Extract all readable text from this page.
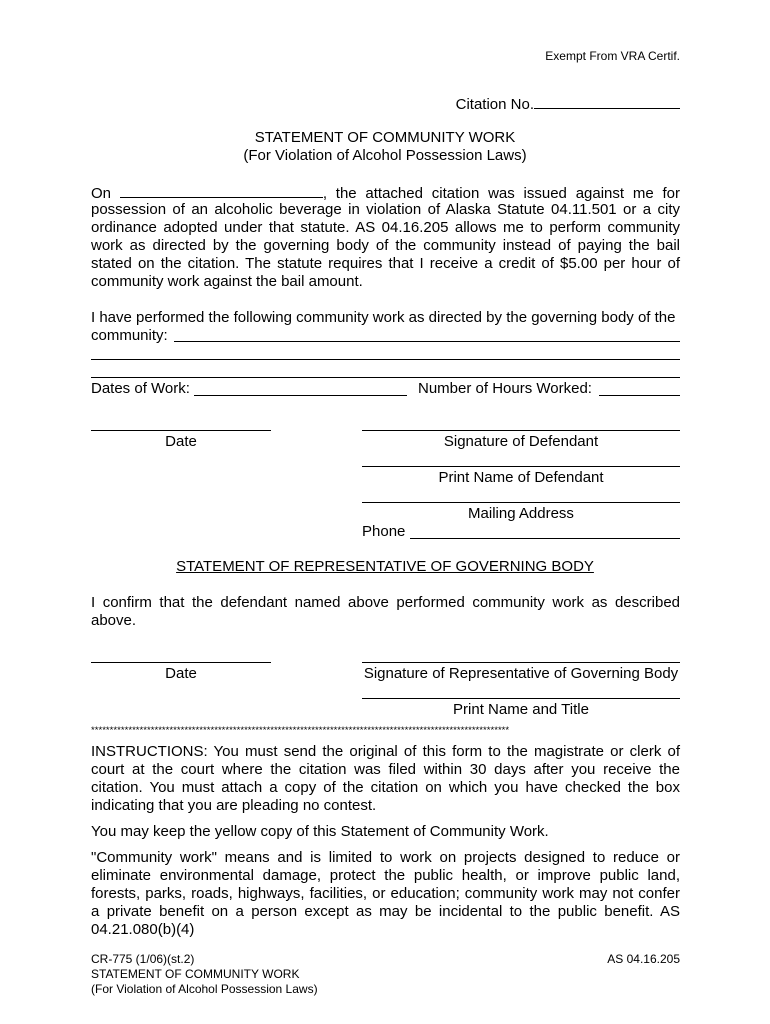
Exempt From VRA Certif.
Citation No.
STATEMENT OF COMMUNITY WORK
(For Violation of Alcohol Possession Laws)
On	, the attached citation was issued against me for
possession of an alcoholic beverage in violation of Alaska Statute 04.11.501 or a city ordinance adopted under that statute. AS 04.16.205 allows me to perform community work as directed by the governing body of the community instead of paying the bail stated on the citation. The statute requires that I receive a credit of $5.00 per hour of community work against the bail amount.
I have performed the following community work as directed by the governing body of the
community:
Dates of Work:	Number of Hours Worked:
Date	Signature of Defendant
Print Name of Defendant
Mailing Address
Phone
STATEMENT OF REPRESENTATIVE OF GOVERNING BODY
I confirm that the defendant named above performed community work as described above.
Date	Signature of Representative of Governing Body
Print Name and Title
****************************************************************************************************************
INSTRUCTIONS: You must send the original of this form to the magistrate or clerk of court at the court where the citation was filed within 30 days after you receive the citation. You must attach a copy of the citation on which you have checked the box indicating that you are pleading no contest.
You may keep the yellow copy of this Statement of Community Work.
"Community work" means and is limited to work on projects designed to reduce or eliminate environmental damage, protect the public health, or improve public land, forests, parks, roads, highways, facilities, or education; community work may not confer a private benefit on a person except as may be incidental to the public benefit. AS 04.21.080(b)(4)
CR-775 (1/06)(st.2)
STATEMENT OF COMMUNITY WORK
(For Violation of Alcohol Possession Laws)
AS 04.16.205
